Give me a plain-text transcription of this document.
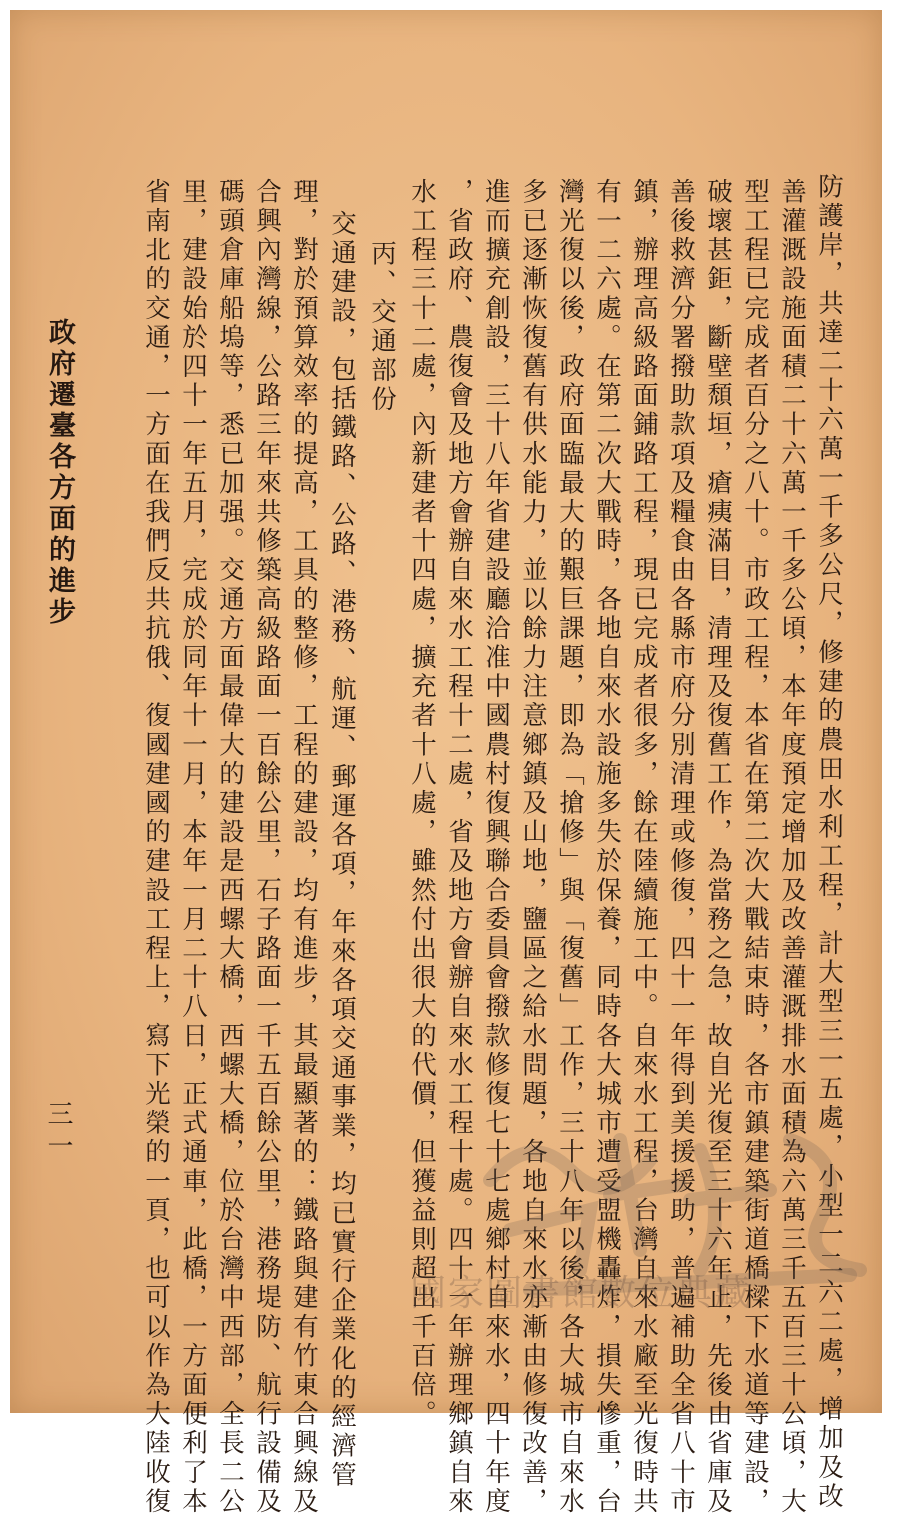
防護岸，共達二十六萬一千多公尺，修建的農田水利工程，計大型三一五處，小型一二六二處，增加及改
善灌溉設施面積二十六萬一千多公頃，本年度預定增加及改善灌溉排水面積為六萬三千五百三十公頃，大
型工程已完成者百分之八十。市政工程，本省在第二次大戰結束時，各市鎮建築街道橋樑下水道等建設，
破壞甚鉅，斷壁頹垣，瘡痍滿目，清理及復舊工作，為當務之急，故自光復至三十六年止，先後由省庫及
善後救濟分署撥助款項及糧食由各縣市府分別清理或修復，四十一年得到美援援助，普遍補助全省八十市
鎮，辦理高級路面鋪路工程，現已完成者很多，餘在陸續施工中。自來水工程，台灣自來水廠至光復時共
有一二六處。在第二次大戰時，各地自來水設施多失於保養，同時各大城市遭受盟機轟炸，損失慘重，台
灣光復以後，政府面臨最大的艱巨課題，即為「搶修」與「復舊」工作，三十八年以後，各大城市自來水
多已逐漸恢復舊有供水能力，並以餘力注意鄉鎮及山地，鹽區之給水問題，各地自來水亦漸由修復改善，
進而擴充創設，三十八年省建設廳洽准中國農村復興聯合委員會撥款修復七十七處鄉村自來水，四十年度
，省政府、農復會及地方會辦自來水工程十二處，省及地方會辦自來水工程十處。四十一年辦理鄉鎮自來
水工程三十二處，內新建者十四處，擴充者十八處，雖然付出很大的代價，但獲益則超出千百倍。
丙、交通部份
交通建設，包括鐵路、公路、港務、航運、郵運各項，年來各項交通事業，均已實行企業化的經濟管
理，對於預算效率的提高，工具的整修，工程的建設，均有進步，其最顯著的：鐵路與建有竹東合興線及
合興內灣線，公路三年來共修築高級路面一百餘公里，石子路面一千五百餘公里，港務堤防、航行設備及
碼頭倉庫船塢等，悉已加强。交通方面最偉大的建設是西螺大橋，西螺大橋，位於台灣中西部，全長二公
里，建設始於四十一年五月，完成於同年十一月，本年一月二十八日，正式通車，此橋，一方面便利了本
省南北的交通，一方面在我們反共抗俄、復國建國的建設工程上，寫下光榮的一頁，也可以作為大陸收復
政府遷臺各方面的進步
三一
國家圖書館數位典藏
